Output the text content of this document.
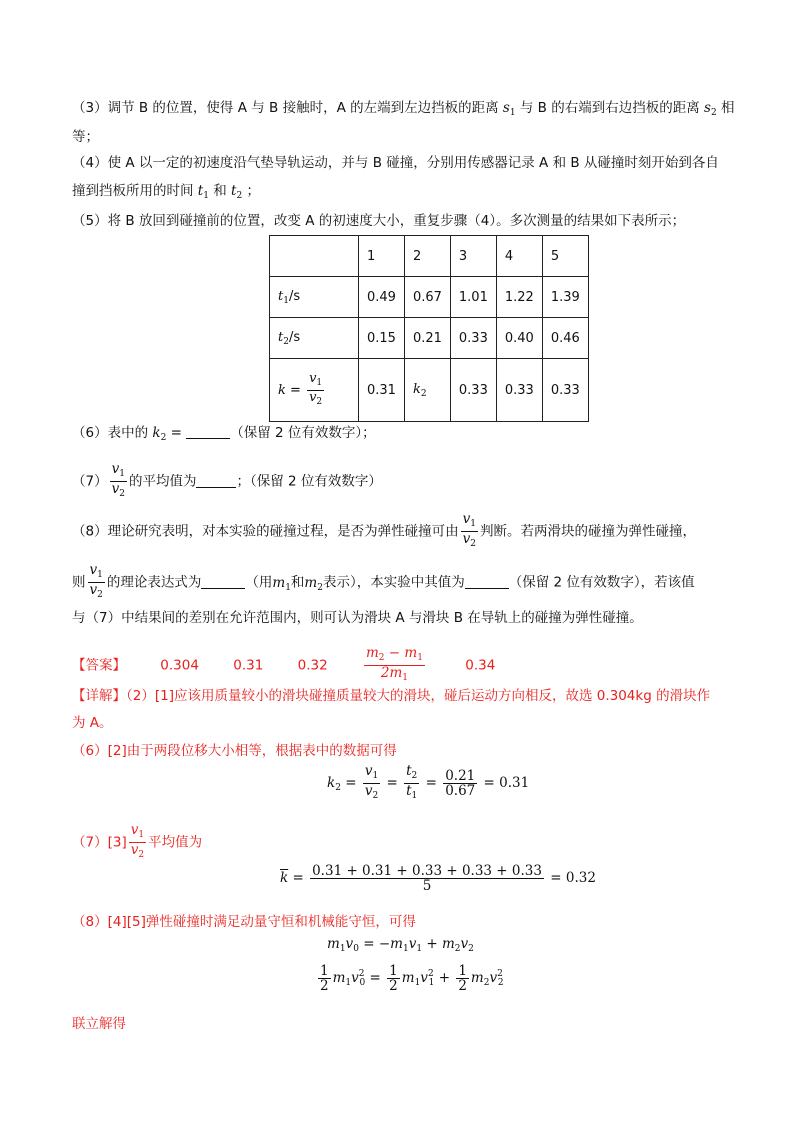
（3）调节 B 的位置，使得 A 与 B 接触时，A 的左端到左边挡板的距离 $s_1$ 与 B 的右端到右边挡板的距离 $s_2$ 相
等；
（4）使 A 以一定的初速度沿气垫导轨运动，并与 B 碰撞，分别用传感器记录 A 和 B 从碰撞时刻开始到各自
撞到挡板所用的时间 $t_1$ 和 $t_2$ ；
（5）将 B 放回到碰撞前的位置，改变 A 的初速度大小，重复步骤（4）。多次测量的结果如下表所示；
	1	2	3	4	5
$t_1/s$	0.49	0.67	1.01	1.22	1.39
$t_2/s$	0.15	0.21	0.33	0.40	0.46
$k = \frac{v_1}{v_2}$	0.31	$k_2$	0.33	0.33	0.33
（6）表中的 $k_2$ =	（保留 2 位有效数字）；
$(7) \frac{v_1}{v_2}$ 的平均值为	；（保留 2 位有效数字）
（8）理论研究表明，对本实验的碰撞过程，是否为弹性碰撞可由 $\frac{v_1}{v_2}$ 判断。若两滑块的碰撞为弹性碰撞，
则 $\frac{v_1}{v_2}$ 的理论表达式为	（用$m_1$和$m_2$表示），本实验中其值为	（保留 2 位有效数字），若该值
与（7）中结果间的差别在允许范围内，则可认为滑块 A 与滑块 B 在导轨上的碰撞为弹性碰撞。
【答案】	0.304	0.31	0.32	$\frac{m_2 - m_1}{2m_1}$	0.34
【详解】（2）[1]应该用质量较小的滑块碰撞质量较大的滑块，碰后运动方向相反，故选 0.304kg 的滑块作
为 A。
（6）[2]由于两段位移大小相等，根据表中的数据可得
$k_2 = \frac{v_1}{v_2} = \frac{t_2}{t_1} = \frac{0.21}{0.67} = 0.31$
$(7)[3] \frac{v_1}{v_2}$ 平均值为
$\overline{k} = \frac{0.31 + 0.31 + 0.33 + 0.33 + 0.33}{5} = 0.32$
（8）[4][5]弹性碰撞时满足动量守恒和机械能守恒，可得
$m_1v_0 = -m_1v_1 + m_2v_2$
$\frac{1}{2} m_1v^2_0 = \frac{1}{2} m_1v^2_1 + \frac{1}{2} m_2v^2_2$
联立解得
